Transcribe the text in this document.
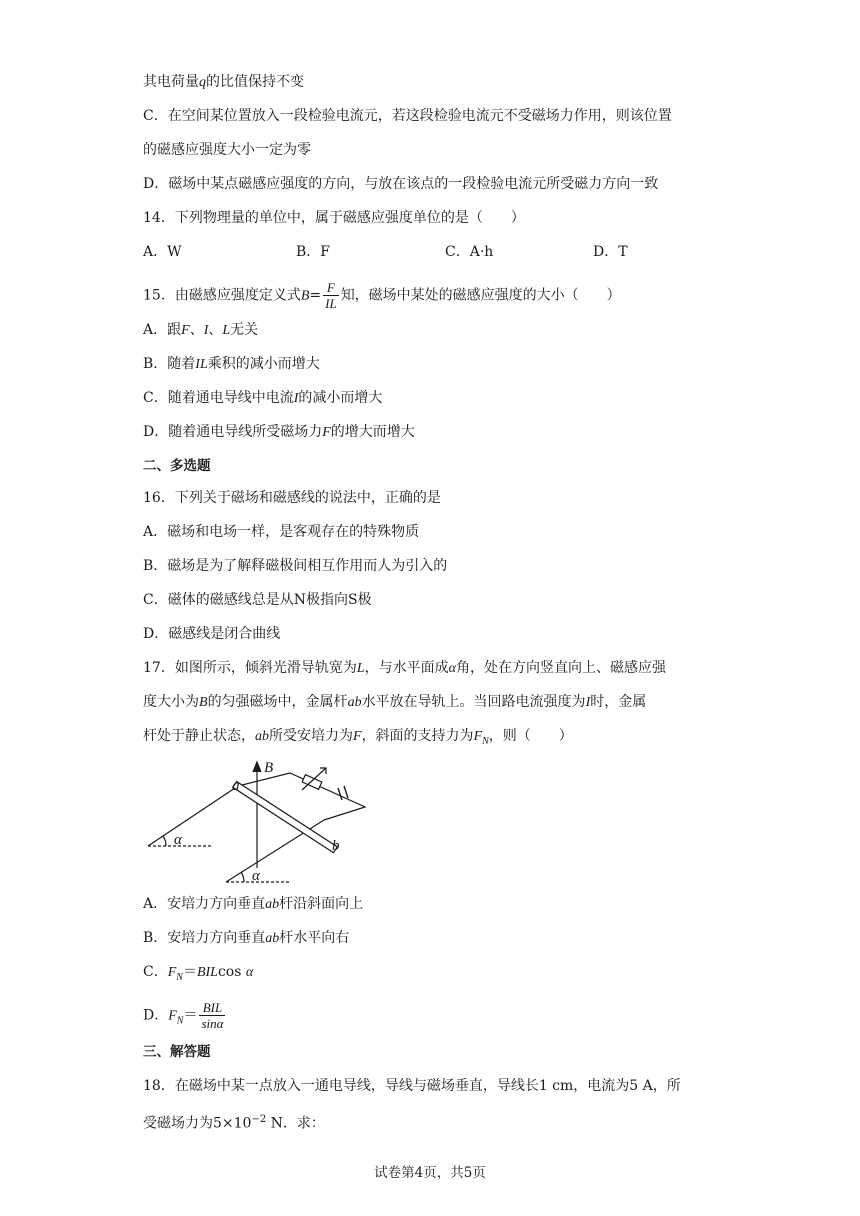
其电荷量q的比值保持不变
C．在空间某位置放入一段检验电流元，若这段检验电流元不受磁场力作用，则该位置
的磁感应强度大小一定为零
D．磁场中某点磁感应强度的方向，与放在该点的一段检验电流元所受磁力方向一致
14．下列物理量的单位中，属于磁感应强度单位的是（　　）
A．W	B．F	C．A·h	D．T
15．由磁感应强度定义式$B= \frac{F}{IL}$ 知，磁场中某处的磁感应强度的大小（　　）
A．跟F、I、L无关
B．随着IL乘积的减小而增大
C．随着通电导线中电流I的减小而增大
D．随着通电导线所受磁场力F的增大而增大
二、多选题
16．下列关于磁场和磁感线的说法中，正确的是
A．磁场和电场一样，是客观存在的特殊物质
B．磁场是为了解释磁极间相互作用而人为引入的
C．磁体的磁感线总是从N极指向S极
D．磁感线是闭合曲线
17．如图所示，倾斜光滑导轨宽为L，与水平面成α角，处在方向竖直向上、磁感应强
度大小为B的匀强磁场中，金属杆ab水平放在导轨上。当回路电流强度为I时，金属
杆处于静止状态，ab所受安培力为F，斜面的支持力为$F_N$，则（　　）
B
a
b
α
α
A．安培力方向垂直ab杆沿斜面向上
B．安培力方向垂直ab杆水平向右
C．$F_N=BILcos$ α
D．$F_N= \frac{\text{BIL}}{\sin\alpha}$
三、解答题
18．在磁场中某一点放入一通电导线，导线与磁场垂直，导线长1 cm，电流为5 A，所
受磁场力为$5\times 10^{-2}$ N．求：
试卷第4页，共5页
